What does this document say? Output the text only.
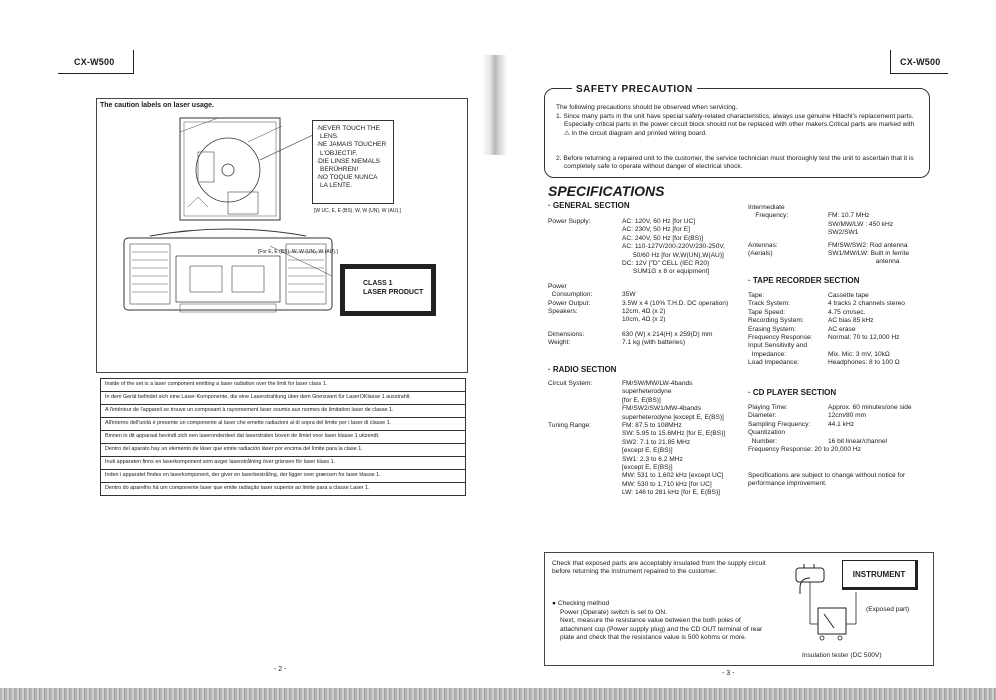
CX-W500
The caution labels on laser usage.
·NEVER TOUCH THE
LENS.
·NE JAMAIS TOUCHER
L'OBJECTIF.
·DIE LINSE NIEMALS
BERÜHREN!
·NO TOQUE NUNCA
LA LENTE.
[W UC, E, E (BS), W, W (UN), W (AU).]
[For E, E (BS), W, W (UN), W (AU).]
CLASS 1
LASER PRODUCT
Inside of the set is a laser component emitting a laser radiation over the limit for laser class 1.
In dem Gerät befindet sich eine Laser-Komponente, die eine Laserstrahlung über dem Grenzwert für LaserOKlasse 1 ausstrahlt.
A l'intérieur de l'appareil se trouve un composant à rayonnement laser soumis aux normes de limitation laser de classe 1.
All'interno dell'unità è presente un componente al laser che emette radiazioni al di sopra del limite per i laser di classe 1.
Binnen in dit apparaat bevindt zich een laseronderdeel dat laserstralen boven de limiet voor laser klasse 1 uitzendt.
Dentro del aparato hay un elemento de láser que emite radiación láser por encima del límite para la clase 1.
Inuti apparaten finns en laserkomponent som avger laserstrålning över gränsen för laser klass 1.
Inden i apparatet findes en laserkomponent, der giver en laserbestråling, der ligger over grænsen for laser klasse 1.
Dentro do aparelho há um componente laser que emite radiação laser superior ao limite para a classe Laser 1.
- 2 -
CX-W500
SAFETY PRECAUTION
The following precautions should be observed when servicing.
1. Since many parts in the unit have special safety-related characteristics, always use genuine Hitachi's replacement parts. Especially critical parts in the power circuit block should not be replaced with other makers.Critical parts are marked with ⚠ in the circuit diagram and printed wiring board.
2. Before returning a repaired unit to the customer, the service technician must thoroughly test the unit to ascertain that it is completely safe to operate without danger of electrical shock.
SPECIFICATIONS
· GENERAL SECTION
Power Supply:	AC: 120V, 60 Hz [for UC]
AC: 230V, 50 Hz [for E]
AC: 240V, 50 Hz [for E(BS)]
AC: 110-127V/200-220V/230-250V,
50/60 Hz [for W,W(UN),W(AU)]
DC: 12V ["D" CELL (IEC R20)
SUM1G x 8 or equipment]
Power
Consumption:	
35W
Power Output:	3.5W x 4 (10% T.H.D. DC operation)
Speakers:	12cm, 4Ω (x 2)
10cm, 4Ω (x 2)
Dimensions:	630 (W) x 214(H) x 259(D) mm
Weight:	7.1 kg (with batteries)
· RADIO SECTION
Circuit System:	FM/SW/MW/LW-4bands
superheterodyne
[for E, E(BS)]
FM/SW2/SW1/MW-4bands
superheterodyne [except E, E(BS)]
Tuning Range:	FM: 87.5 to 108MHz
SW: 5.95 to 15.6MHz [for E, E(BS)]
SW2: 7.1 to 21.85 MHz
[except E, E(BS)]
SW1: 2.3 to 6.2 MHz
[except E, E(BS)]
MW: 531 to 1,602 kHz [except UC]
MW: 530 to 1,710 kHz [for UC]
LW: 146 to 281 kHz [for E, E(BS)]
Intermediate
Frequency:	
FM: 10.7 MHz
SW/MW/LW : 450 kHz
SW2/SW1
Antennas:
(Aerials)
FM/SW/SW2: Rod antenna
SW1/MW/LW: Built in ferrite
antenna
· TAPE RECORDER SECTION
Tape:	Cassette tape
Track System:	4 tracks 2 channels stereo
Tape Speed:	4.75 cm/sec.
Recording System:	AC bias 85 kHz
Erasing System:	AC erase
Frequency Response:	Normal: 70 to 12,000 Hz
Input Sensitivity and
Impedance:	
Mix. Mic: 3 mV, 10kΩ
Load Impedance:	Headphones: 8 to 100 Ω
· CD PLAYER SECTION
Playing Time:	Approx. 60 minutes/one side
Diameter:	12cm/80 mm
Sampling Frequency:	44.1 kHz
Quantization
Number:	
16 bit linear/channel
Frequency Response: 20 to 20,000 Hz
Specifications are subject to change without notice for performance improvement.
Check that exposed parts are acceptably insulated from the supply circuit before returning the instrument repaired to the customer.
● Checking method
Power (Operate) switch is set to ON.
Next, measure the resistance value between the both poles of attachment cup (Power supply plug) and the CD OUT terminal of rear plate and check that the resistance value is 500 kohms or more.
INSTRUMENT
(Exposed part)
Insulation tester (DC 500V)
- 3 -
